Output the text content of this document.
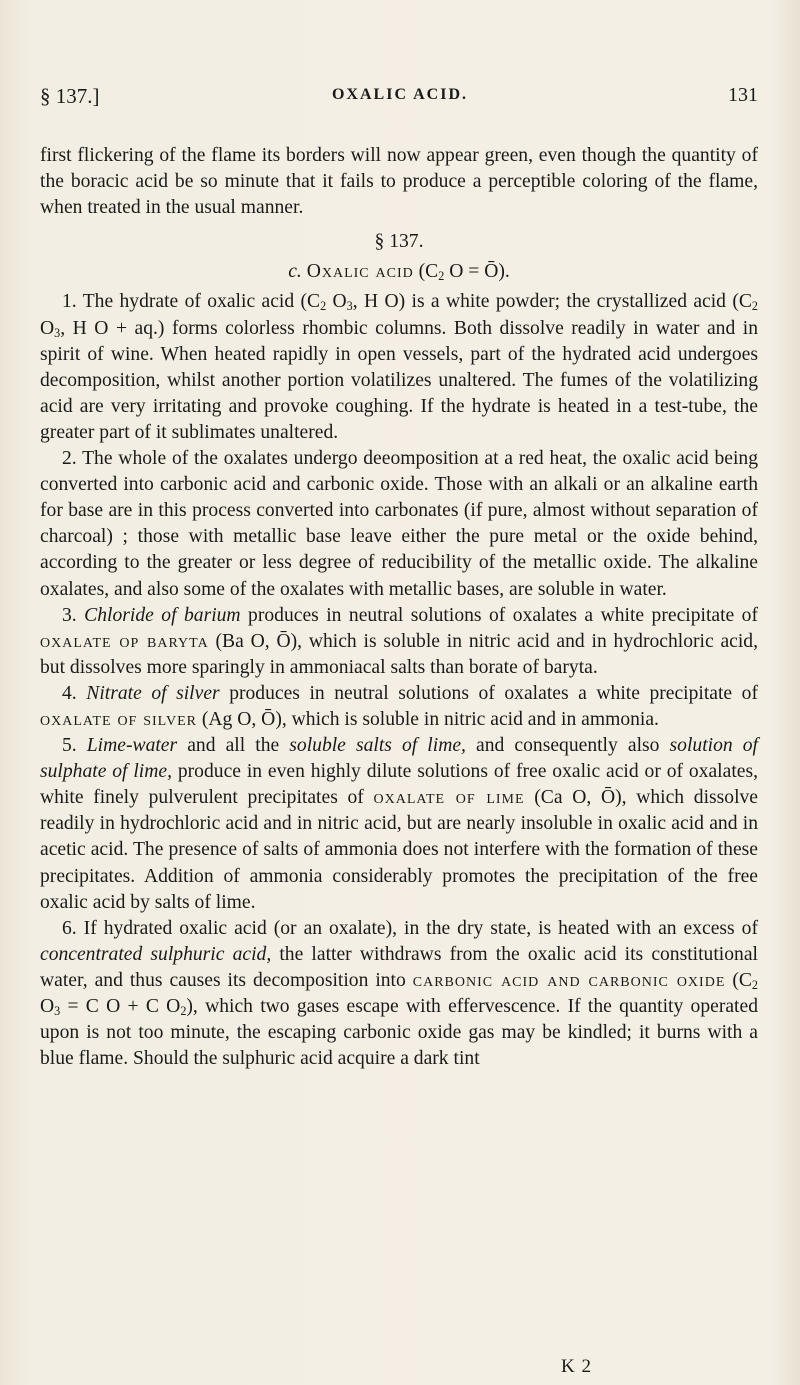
§ 137.]	OXALIC ACID.	131

first flickering of the flame its borders will now appear green, even though the quantity of the boracic acid be so minute that it fails to produce a perceptible coloring of the flame, when treated in the usual manner.

§ 137.

c. Oxalic acid ($C_2$ O = Ō).

1. The hydrate of oxalic acid ($C_2$ $O_3$, H O) is a white powder; the crystallized acid ($C_2$ $O_3$, H O + aq.) forms colorless rhombic columns. Both dissolve readily in water and in spirit of wine. When heated rapidly in open vessels, part of the hydrated acid undergoes decomposition, whilst another portion volatilizes unaltered. The fumes of the volatilizing acid are very irritating and provoke coughing. If the hydrate is heated in a test-tube, the greater part of it sublimates unaltered.

2. The whole of the oxalates undergo deeomposition at a red heat, the oxalic acid being converted into carbonic acid and carbonic oxide. Those with an alkali or an alkaline earth for base are in this process converted into carbonates (if pure, almost without separation of charcoal) ; those with metallic base leave either the pure metal or the oxide behind, according to the greater or less degree of reducibility of the metallic oxide. The alkaline oxalates, and also some of the oxalates with metallic bases, are soluble in water.

3. Chloride of barium produces in neutral solutions of oxalates a white precipitate of oxalate op baryta (Ba O, Ō), which is soluble in nitric acid and in hydrochloric acid, but dissolves more sparingly in ammoniacal salts than borate of baryta.

4. Nitrate of silver produces in neutral solutions of oxalates a white precipitate of oxalate of silver (Ag O, Ō), which is soluble in nitric acid and in ammonia.

5. Lime-water and all the soluble salts of lime, and consequently also solution of sulphate of lime, produce in even highly dilute solutions of free oxalic acid or of oxalates, white finely pulverulent precipitates of oxalate of lime (Ca O, Ō), which dissolve readily in hydrochloric acid and in nitric acid, but are nearly insoluble in oxalic acid and in acetic acid. The presence of salts of ammonia does not interfere with the formation of these precipitates. Addition of ammonia considerably promotes the precipitation of the free oxalic acid by salts of lime.

6. If hydrated oxalic acid (or an oxalate), in the dry state, is heated with an excess of concentrated sulphuric acid, the latter withdraws from the oxalic acid its constitutional water, and thus causes its decomposition into carbonic acid and carbonic oxide ($C_2$ $O_3 = C$ O + C $O_2$), which two gases escape with effervescence. If the quantity operated upon is not too minute, the escaping carbonic oxide gas may be kindled; it burns with a blue flame. Should the sulphuric acid acquire a dark tint

K 2
